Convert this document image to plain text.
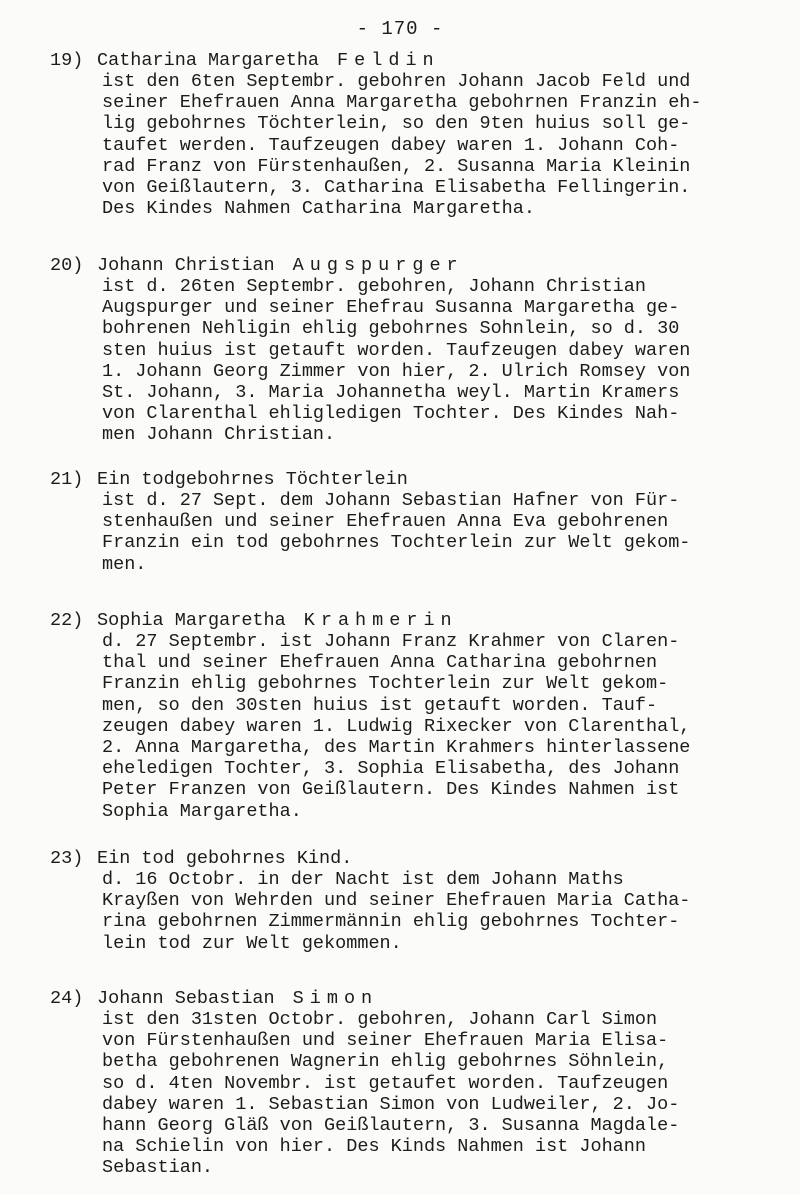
- 170 -
19) Catharina Margaretha Feldin
ist den 6ten Septembr. gebohren Johann Jacob Feld und
seiner Ehefrauen Anna Margaretha gebohrnen Franzin eh-
lig gebohrnes Töchterlein, so den 9ten huius soll ge-
taufet werden. Taufzeugen dabey waren 1. Johann Coh-
rad Franz von Fürstenhaußen, 2. Susanna Maria Kleinin
von Geißlautern, 3. Catharina Elisabetha Fellingerin.
Des Kindes Nahmen Catharina Margaretha.
20) Johann Christian Augspurger
ist d. 26ten Septembr. gebohren, Johann Christian
Augspurger und seiner Ehefrau Susanna Margaretha ge-
bohrenen Nehligin ehlig gebohrnes Sohnlein, so d. 30
sten huius ist getauft worden. Taufzeugen dabey waren
1. Johann Georg Zimmer von hier, 2. Ulrich Romsey von
St. Johann, 3. Maria Johannetha weyl. Martin Kramers
von Clarenthal ehligledigen Tochter. Des Kindes Nah-
men Johann Christian.
21) Ein todgebohrnes Töchterlein
ist d. 27 Sept. dem Johann Sebastian Hafner von Für-
stenhaußen und seiner Ehefrauen Anna Eva gebohrenen
Franzin ein tod gebohrnes Tochterlein zur Welt gekom-
men.
22) Sophia Margaretha Krahmerin
d. 27 Septembr. ist Johann Franz Krahmer von Claren-
thal und seiner Ehefrauen Anna Catharina gebohrnen
Franzin ehlig gebohrnes Tochterlein zur Welt gekom-
men, so den 30sten huius ist getauft worden. Tauf-
zeugen dabey waren 1. Ludwig Rixecker von Clarenthal,
2. Anna Margaretha, des Martin Krahmers hinterlassene
eheledigen Tochter, 3. Sophia Elisabetha, des Johann
Peter Franzen von Geißlautern. Des Kindes Nahmen ist
Sophia Margaretha.
23) Ein tod gebohrnes Kind.
d. 16 Octobr. in der Nacht ist dem Johann Maths
Krayßen von Wehrden und seiner Ehefrauen Maria Catha-
rina gebohrnen Zimmermännin ehlig gebohrnes Tochter-
lein tod zur Welt gekommen.
24) Johann Sebastian Simon
ist den 31sten Octobr. gebohren, Johann Carl Simon
von Fürstenhaußen und seiner Ehefrauen Maria Elisa-
betha gebohrenen Wagnerin ehlig gebohrnes Söhnlein,
so d. 4ten Novembr. ist getaufet worden. Taufzeugen
dabey waren 1. Sebastian Simon von Ludweiler, 2. Jo-
hann Georg Gläß von Geißlautern, 3. Susanna Magdale-
na Schielin von hier. Des Kinds Nahmen ist Johann
Sebastian.
